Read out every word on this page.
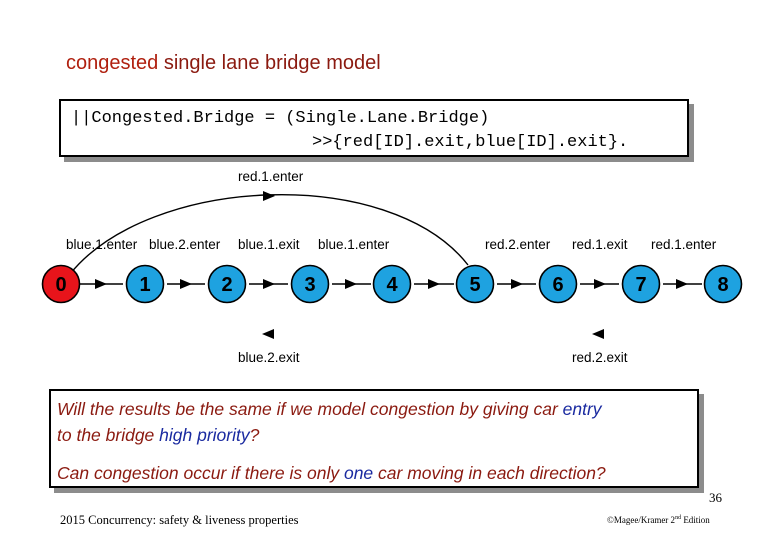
congested single lane bridge model
||Congested.Bridge = (Single.Lane.Bridge)
>>{red[ID].exit,blue[ID].exit}.
0	1	2	3	4	5	6	7	8
red.1.enter
blue.1.enter blue.2.enter blue.1.exit blue.1.enter	red.2.enter red.1.exit red.1.enter
blue.2.exit	red.2.exit
Will the results be the same if we model congestion by giving car entry
to the bridge high priority?
Can congestion occur if there is only one car moving in each direction?
36
2015 Concurrency: safety & liveness properties	©Magee/Kramer 2nd Edition
